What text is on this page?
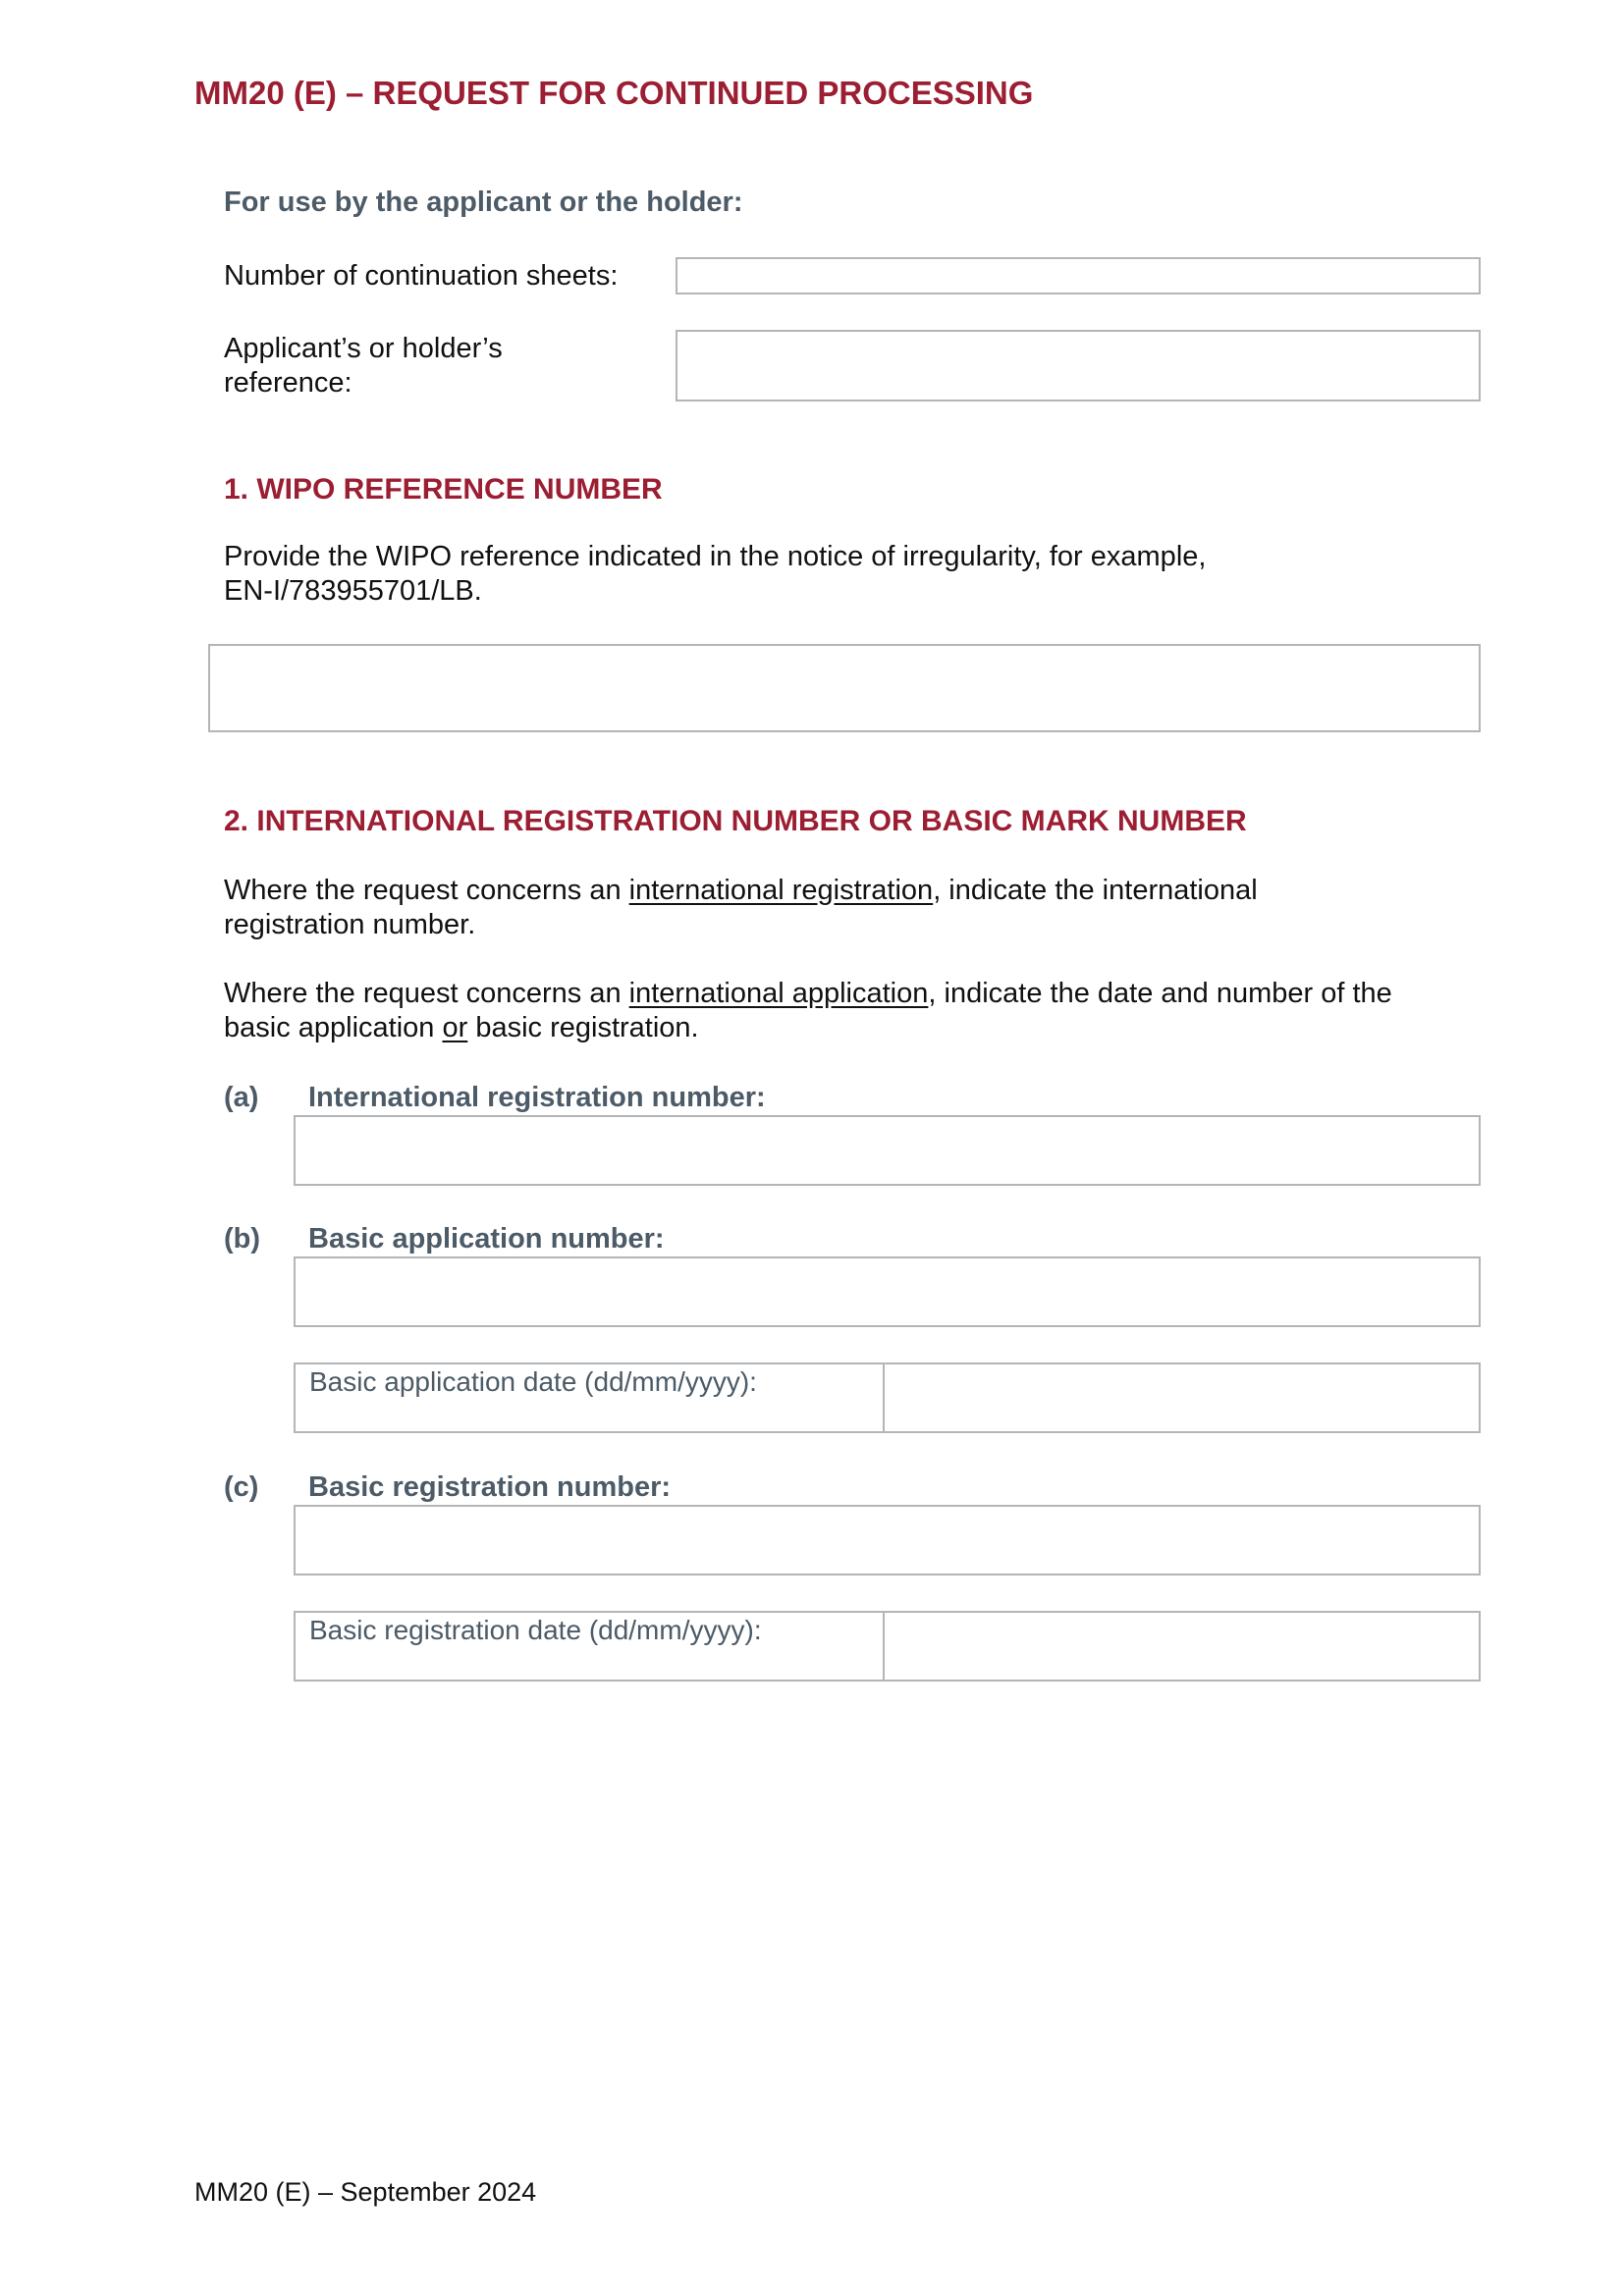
MM20 (E) – REQUEST FOR CONTINUED PROCESSING
For use by the applicant or the holder:
Number of continuation sheets:
Applicant’s or holder’s
reference:
1. WIPO REFERENCE NUMBER
Provide the WIPO reference indicated in the notice of irregularity, for example,
EN-I/783955701/LB.
2. INTERNATIONAL REGISTRATION NUMBER OR BASIC MARK NUMBER
Where the request concerns an international registration, indicate the international
registration number.
Where the request concerns an international application, indicate the date and number of the
basic application or basic registration.
(a) International registration number:
(b) Basic application number:
Basic application date (dd/mm/yyyy):
(c) Basic registration number:
Basic registration date (dd/mm/yyyy):
MM20 (E) – September 2024
